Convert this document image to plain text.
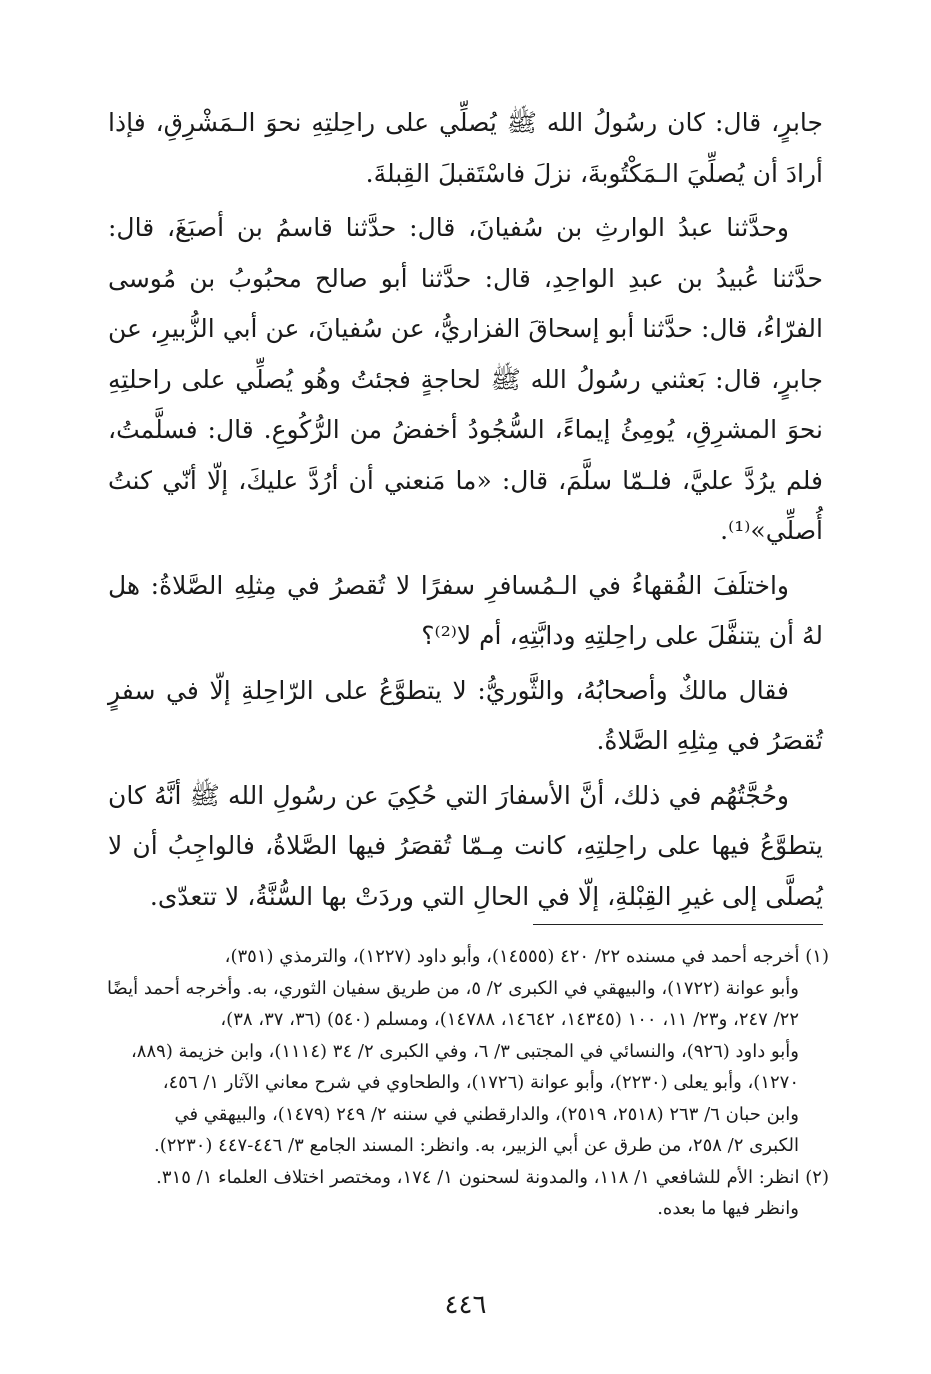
جابرٍ، قال: كان رسُولُ الله ﷺ يُصلِّي على راحِلتِهِ نحوَ الـمَشْرِقِ، فإذا أرادَ أن يُصلِّيَ الـمَكْتُوبةَ، نزلَ فاسْتَقبلَ القِبلةَ.

وحدَّثنا عبدُ الوارثِ بن سُفيانَ، قال: حدَّثنا قاسمُ بن أصبَغَ، قال: حدَّثنا عُبيدُ بن عبدِ الواحِدِ، قال: حدَّثنا أبو صالح محبُوبُ بن مُوسى الفرّاءُ، قال: حدَّثنا أبو إسحاقَ الفزاريُّ، عن سُفيانَ، عن أبي الزُّبيرِ، عن جابرٍ، قال: بَعثني رسُولُ الله ﷺ لحاجةٍ فجئتُ وهُو يُصلِّي على راحلتِهِ نحوَ المشرِقِ، يُومِئُ إيماءً، السُّجُودُ أخفضُ من الرُّكُوعِ. قال: فسلَّمتُ، فلم يرُدَّ عليَّ، فلـمّا سلَّمَ، قال: «ما مَنعني أن أرُدَّ عليكَ، إلّا أنّي كنتُ أُصلِّي»⁽¹⁾.

واختلَفَ الفُقهاءُ في الـمُسافرِ سفرًا لا تُقصرُ في مِثلِهِ الصَّلاةُ: هل لهُ أن يتنفَّلَ على راحِلتِهِ ودابَّتِهِ، أم لا⁽²⁾؟

فقال مالكٌ وأصحابُهُ، والثَّوريُّ: لا يتطوَّعُ على الرّاحِلةِ إلّا في سفرٍ تُقصَرُ في مِثلِهِ الصَّلاةُ.

وحُجَّتُهُم في ذلك، أنَّ الأسفارَ التي حُكِيَ عن رسُولِ الله ﷺ أنَّهُ كان يتطوَّعُ فيها على راحِلتِهِ، كانت مِـمّا تُقصَرُ فيها الصَّلاةُ، فالواجِبُ أن لا يُصلَّى إلى غيرِ القِبْلةِ، إلّا في الحالِ التي وردَتْ بها السُّنَّةُ، لا تتعدّى.

(١) أخرجه أحمد في مسنده ٢٢/ ٤٢٠ (١٤٥٥٥)، وأبو داود (١٢٢٧)، والترمذي (٣٥١)،

وأبو عوانة (١٧٢٢)، والبيهقي في الكبرى ٢/ ٥، من طريق سفيان الثوري، به. وأخرجه أحمد أيضًا

٢٢/ ٢٤٧، و٢٣/ ١١، ١٠٠ (١٤٣٤٥، ١٤٦٤٢، ١٤٧٨٨)، ومسلم (٥٤٠) (٣٦، ٣٧، ٣٨)،

وأبو داود (٩٢٦)، والنسائي في المجتبى ٣/ ٦، وفي الكبرى ٢/ ٣٤ (١١١٤)، وابن خزيمة (٨٨٩،

١٢٧٠)، وأبو يعلى (٢٢٣٠)، وأبو عوانة (١٧٢٦)، والطحاوي في شرح معاني الآثار ١/ ٤٥٦،

وابن حبان ٦/ ٢٦٣ (٢٥١٨، ٢٥١٩)، والدارقطني في سننه ٢/ ٢٤٩ (١٤٧٩)، والبيهقي في

الكبرى ٢/ ٢٥٨، من طرق عن أبي الزبير، به. وانظر: المسند الجامع ٣/ ٤٤٦-٤٤٧ (٢٢٣٠).

(٢) انظر: الأم للشافعي ١/ ١١٨، والمدونة لسحنون ١/ ١٧٤، ومختصر اختلاف العلماء ١/ ٣١٥.

وانظر فيها ما بعده.

٤٤٦
